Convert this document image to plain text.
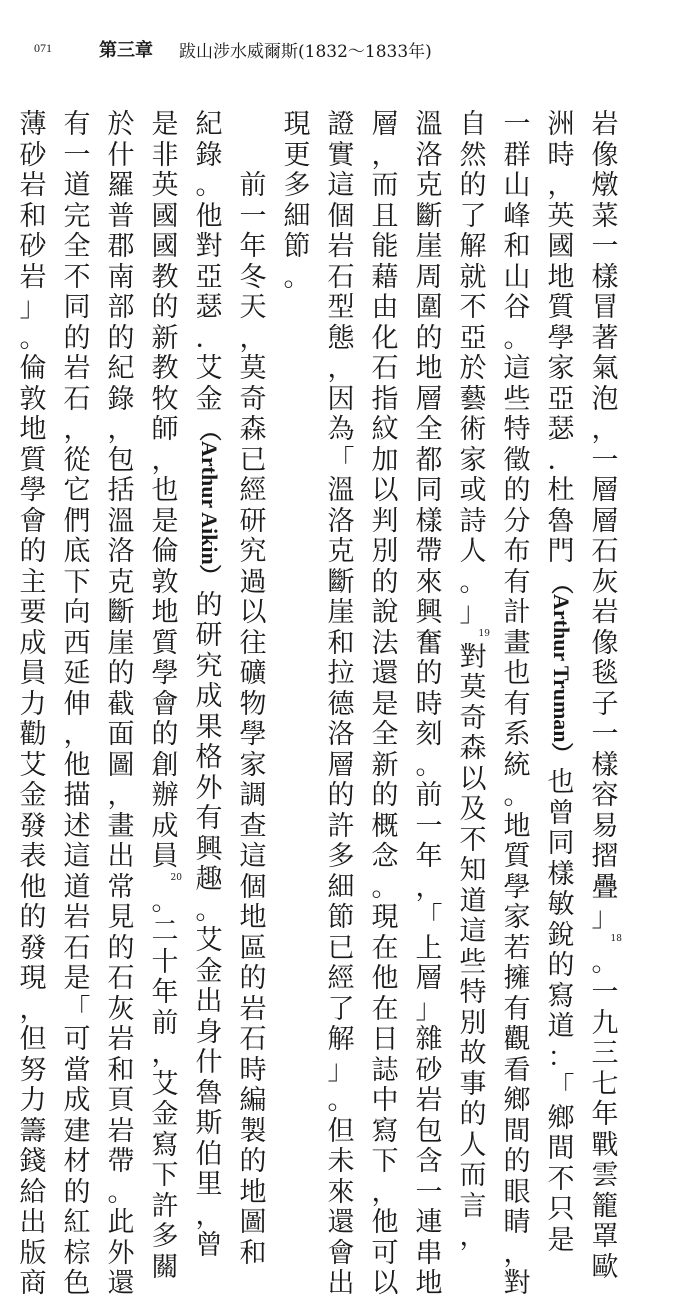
071	第三章 跋山涉水威爾斯(1832～1833年)
岩
像
燉
菜
一
樣
冒
著
氣
泡
，
一
層
層
石
灰
岩
像
毯
子
一
樣
容
易
摺
疊
」
18
。
一
九
三
七
年
戰
雲
籠
罩
歐
洲
時
，
英
國
地
質
學
家
亞
瑟
．
杜
魯
門
（Arthur Truman）
也
曾
同
樣
敏
銳
的
寫
道
：
「
鄉
間
不
只
是
一
群
山
峰
和
山
谷
。
這
些
特
徵
的
分
布
有
計
畫
也
有
系
統
。
地
質
學
家
若
擁
有
觀
看
鄉
間
的
眼
睛
，
對
自
然
的
了
解
就
不
亞
於
藝
術
家
或
詩
人
。
」
19
對
莫
奇
森
以
及
不
知
道
這
些
特
別
故
事
的
人
而
言
，
溫
洛
克
斷
崖
周
圍
的
地
層
全
都
同
樣
帶
來
興
奮
的
時
刻
。
前
一
年
，
「
上
層
」
雜
砂
岩
包
含
一
連
串
地
層
，
而
且
能
藉
由
化
石
指
紋
加
以
判
別
的
說
法
還
是
全
新
的
概
念
。
現
在
他
在
日
誌
中
寫
下
，
他
可
以
證
實
這
個
岩
石
型
態
，
因
為
「
溫
洛
克
斷
崖
和
拉
德
洛
層
的
許
多
細
節
已
經
了
解
」
。
但
未
來
還
會
出
現
更
多
細
節
。

前
一
年
冬
天
，
莫
奇
森
已
經
研
究
過
以
往
礦
物
學
家
調
查
這
個
地
區
的
岩
石
時
編
製
的
地
圖
和
紀
錄
。
他
對
亞
瑟
．
艾
金
（Arthur Aikin）
的
研
究
成
果
格
外
有
興
趣
。
艾
金
出
身
什
魯
斯
伯
里
，
曾
是
非
英
國
國
教
的
新
教
牧
師
，
也
是
倫
敦
地
質
學
會
的
創
辦
成
員
20
。
二
十
年
前
，
艾
金
寫
下
許
多
關
於
什
羅
普
郡
南
部
的
紀
錄
，
包
括
溫
洛
克
斷
崖
的
截
面
圖
，
畫
出
常
見
的
石
灰
岩
和
頁
岩
帶
。
此
外
還
有
一
道
完
全
不
同
的
岩
石
，
從
它
們
底
下
向
西
延
伸
，
他
描
述
這
道
岩
石
是
「
可
當
成
建
材
的
紅
棕
色
薄
砂
岩
和
砂
岩
」
。
倫
敦
地
質
學
會
的
主
要
成
員
力
勸
艾
金
發
表
他
的
發
現
，
但
努
力
籌
錢
給
出
版
商
